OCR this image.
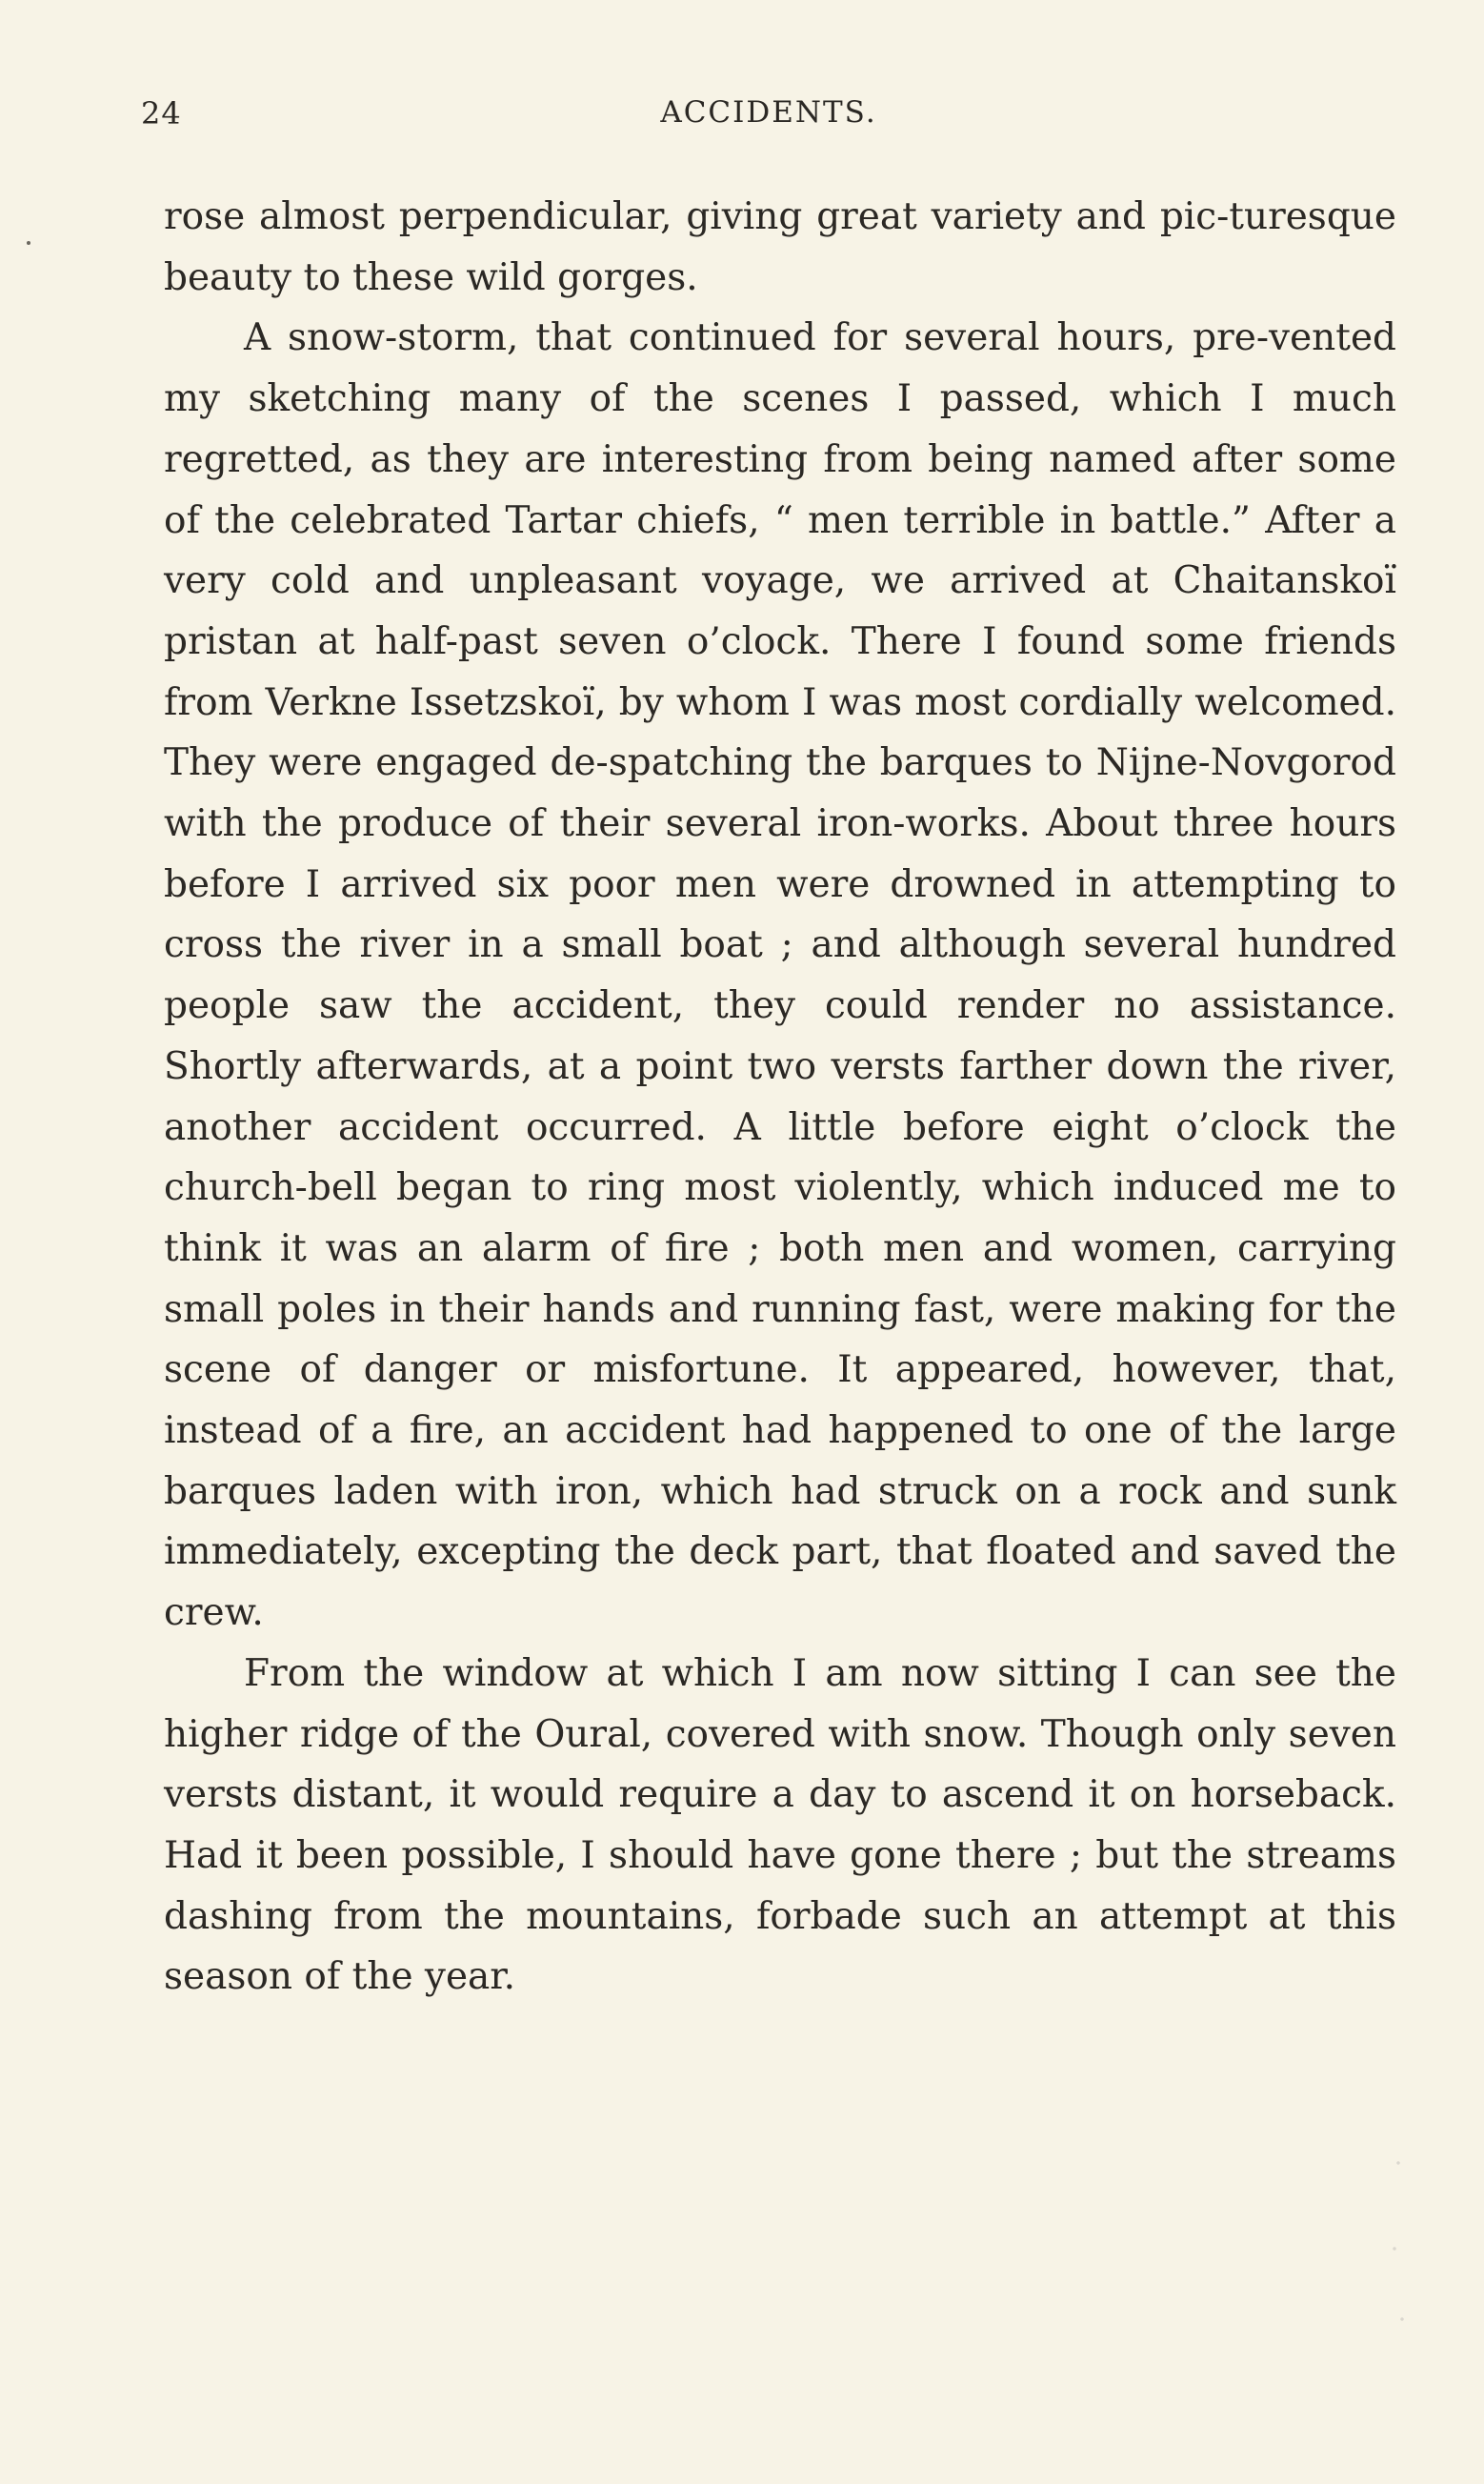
24	ACCIDENTS.

rose almost perpendicular, giving great variety and pic-turesque beauty to these wild gorges.

A snow-storm, that continued for several hours, pre-vented my sketching many of the scenes I passed, which I much regretted, as they are interesting from being named after some of the celebrated Tartar chiefs, “ men terrible in battle.” After a very cold and unpleasant voyage, we arrived at Chaitanskoï pristan at half-past seven o’clock. There I found some friends from Verkne Issetzskoï, by whom I was most cordially welcomed. They were engaged de-spatching the barques to Nijne-Novgorod with the produce of their several iron-works. About three hours before I arrived six poor men were drowned in attempting to cross the river in a small boat ; and although several hundred people saw the accident, they could render no assistance. Shortly afterwards, at a point two versts farther down the river, another accident occurred. A little before eight o’clock the church-bell began to ring most violently, which induced me to think it was an alarm of fire ; both men and women, carrying small poles in their hands and running fast, were making for the scene of danger or misfortune. It appeared, however, that, instead of a fire, an accident had happened to one of the large barques laden with iron, which had struck on a rock and sunk immediately, excepting the deck part, that floated and saved the crew.

From the window at which I am now sitting I can see the higher ridge of the Oural, covered with snow. Though only seven versts distant, it would require a day to ascend it on horseback. Had it been possible, I should have gone there ; but the streams dashing from the mountains, forbade such an attempt at this season of the year.
